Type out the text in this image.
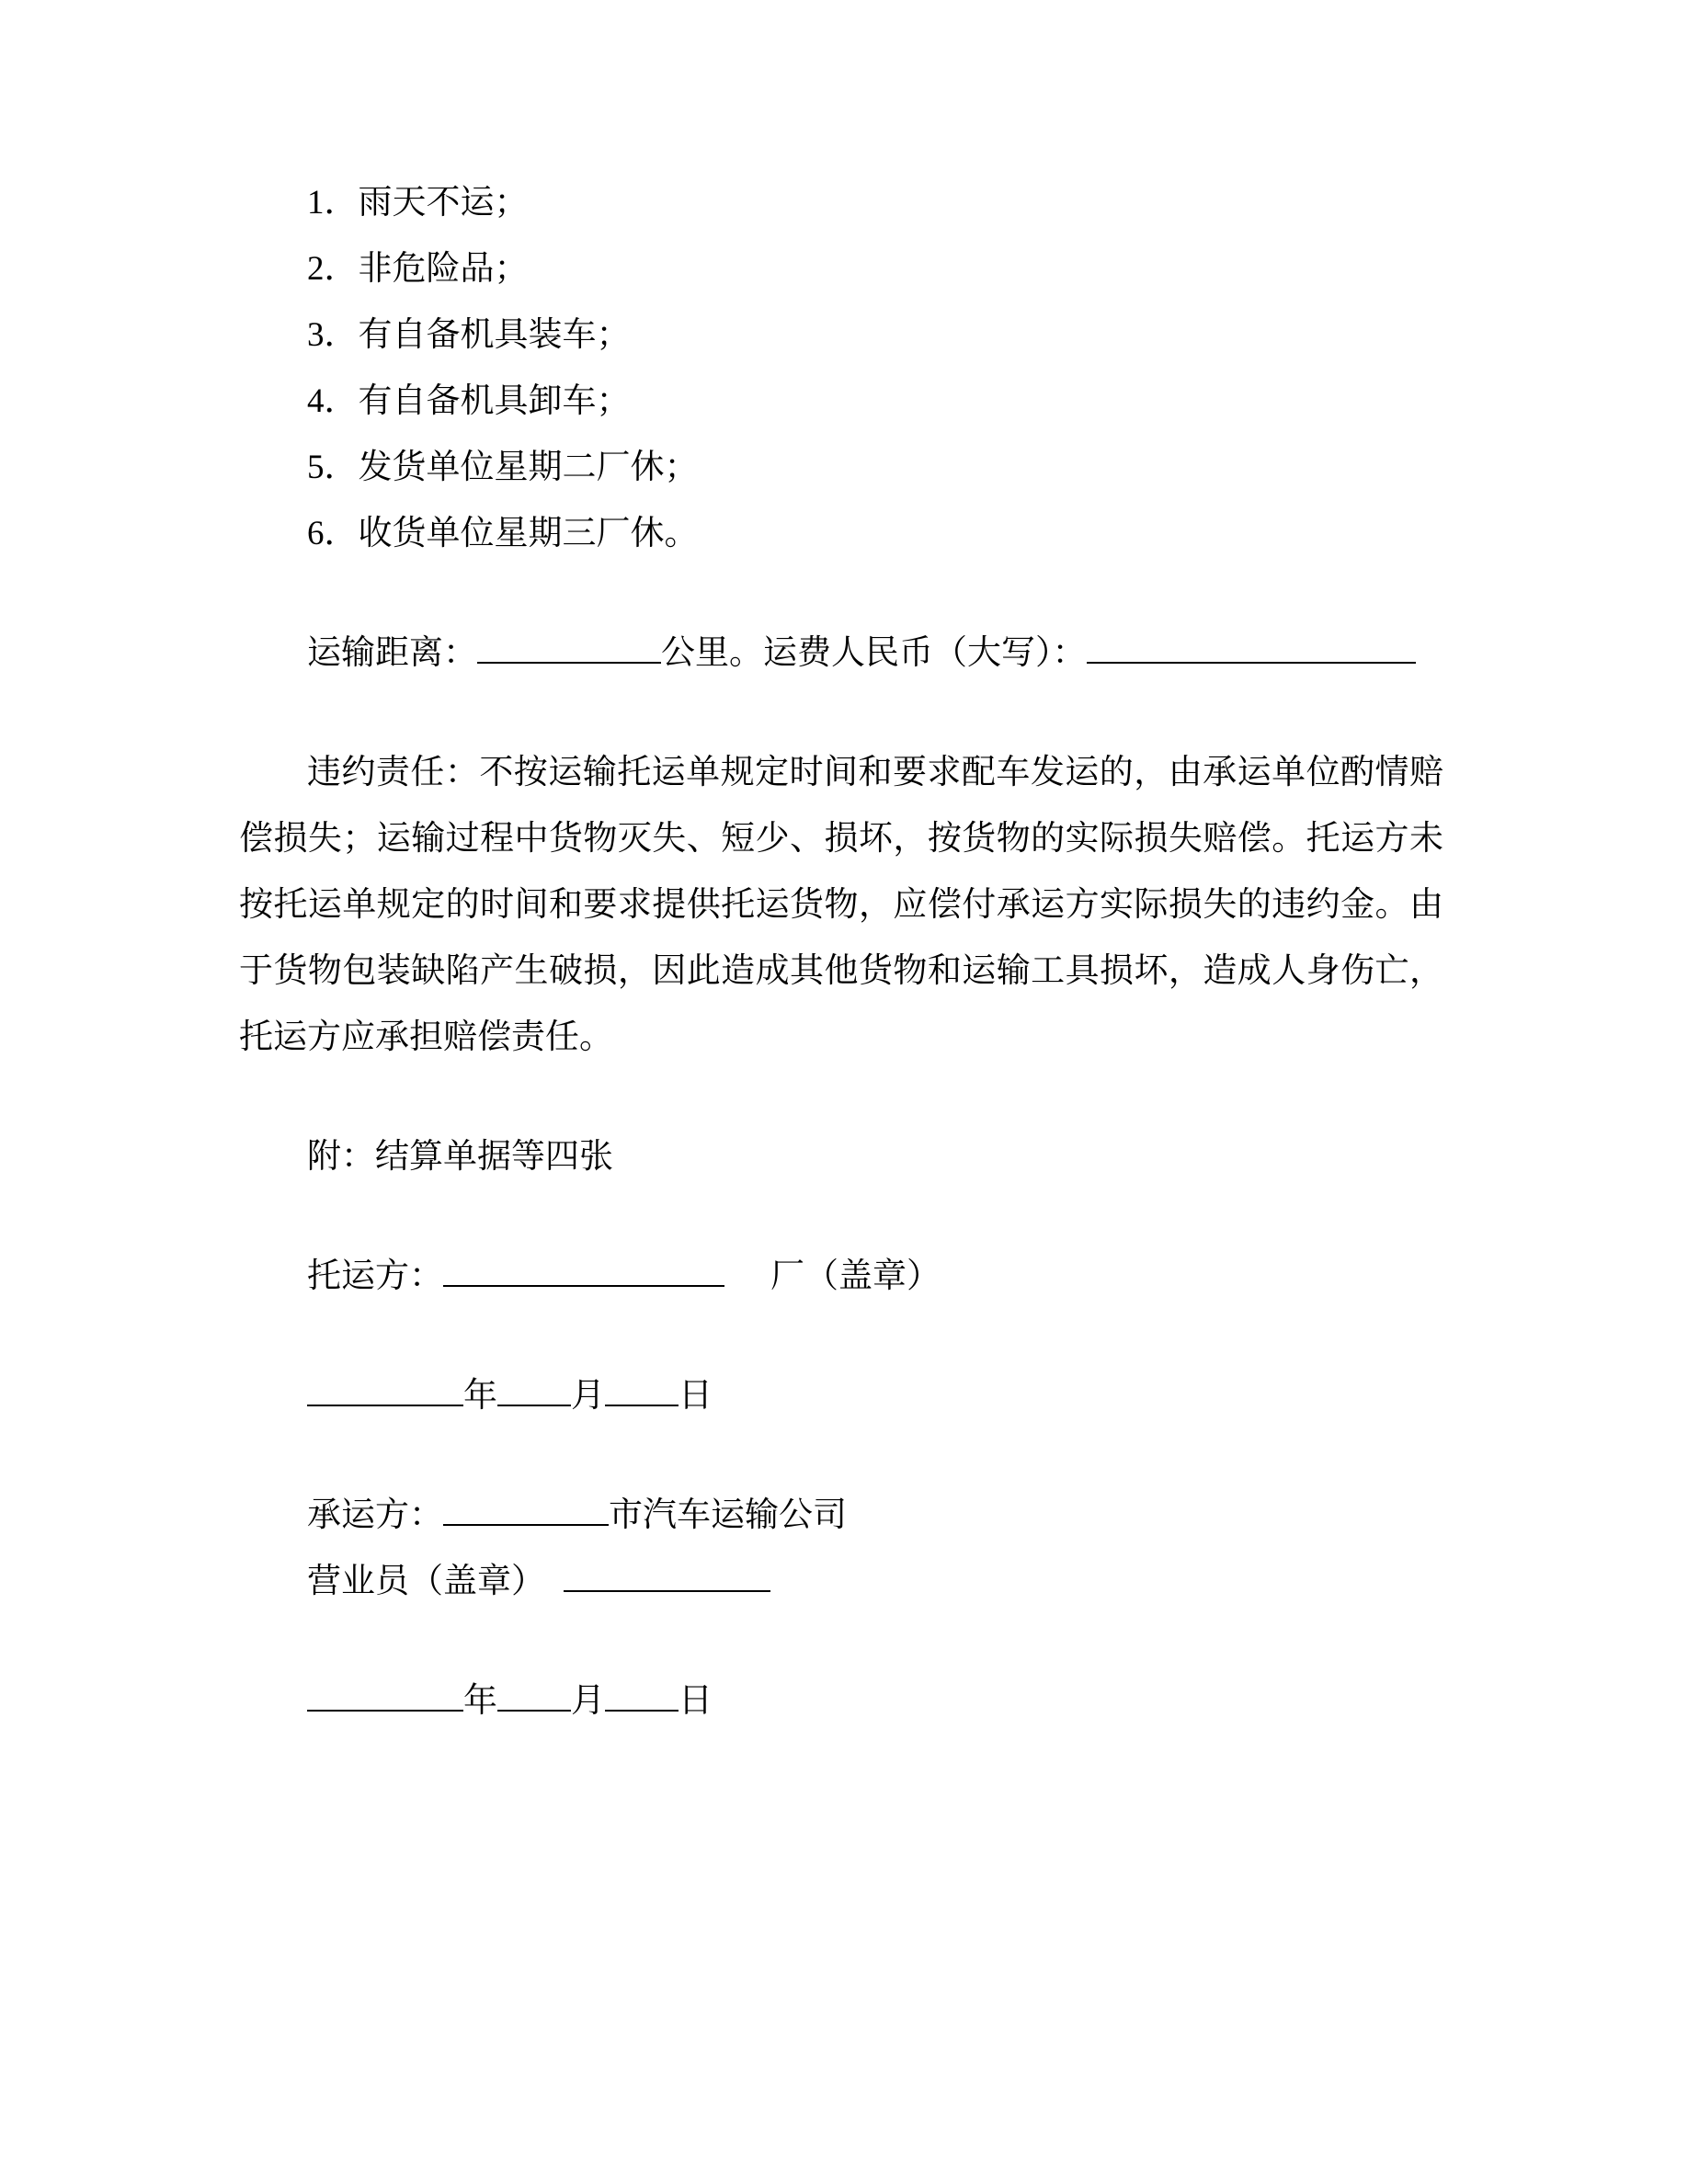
1．雨天不运；
2．非危险品；
3．有自备机具装车；
4．有自备机具卸车；
5．发货单位星期二厂休；
6．收货单位星期三厂休。
运输距离：	公里。运费人民币（大写）：
违约责任：不按运输托运单规定时间和要求配车发运的，由承运单位酌情赔偿损失；运输过程中货物灭失、短少、损坏，按货物的实际损失赔偿。托运方未按托运单规定的时间和要求提供托运货物，应偿付承运方实际损失的违约金。由于货物包装缺陷产生破损，因此造成其他货物和运输工具损坏，造成人身伤亡，托运方应承担赔偿责任。
附：结算单据等四张
托运方：	厂（盖章）
年 月 日
承运方：	市汽车运输公司
营业员（盖章）
年 月 日
